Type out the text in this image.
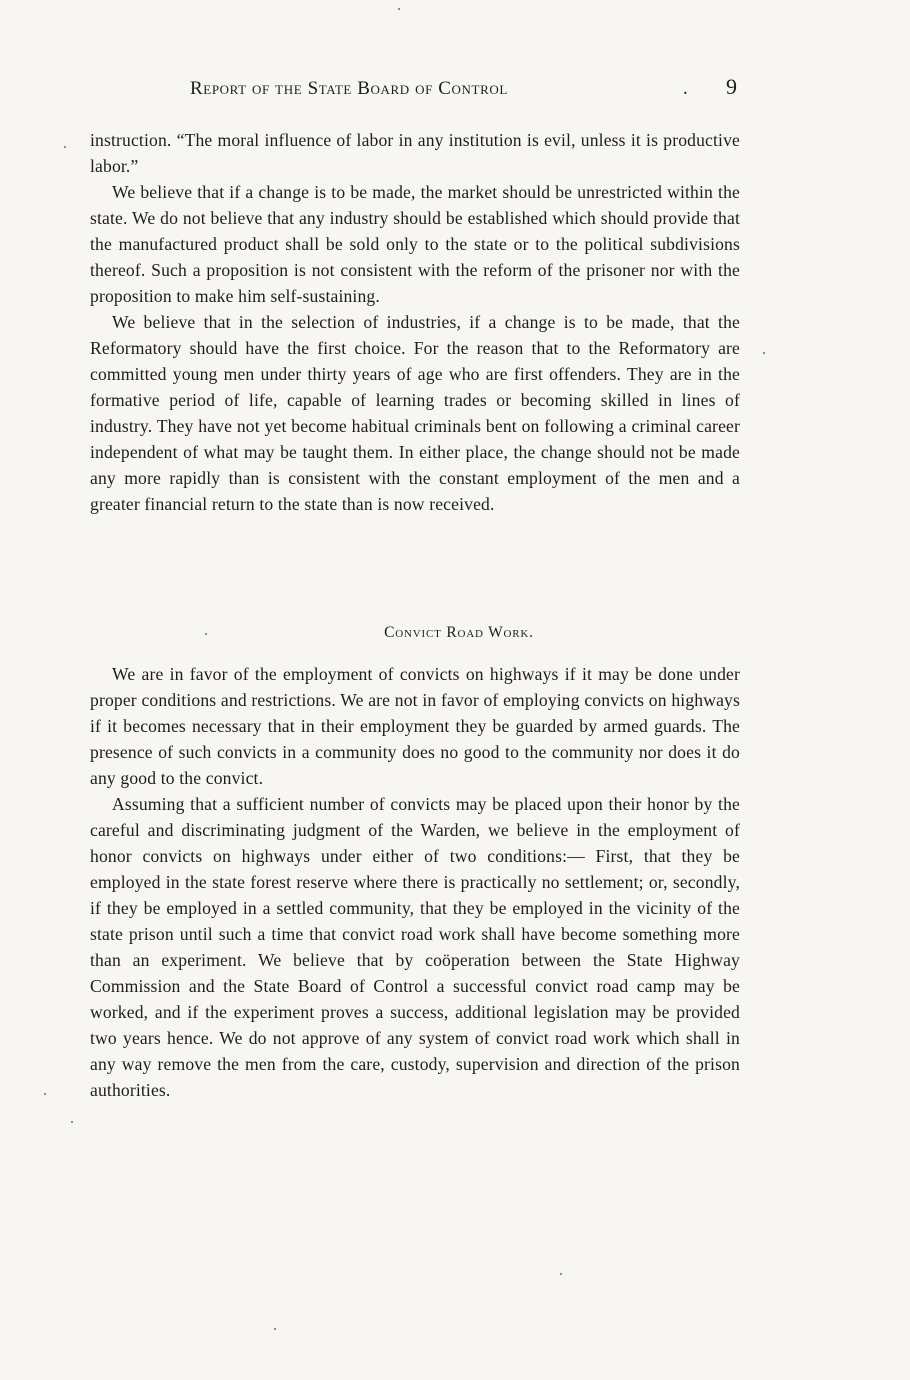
Report of the State Board of Control	. 9

instruction. “The moral influence of labor in any institution is evil, unless it is productive labor.”

We believe that if a change is to be made, the market should be unrestricted within the state. We do not believe that any industry should be established which should provide that the manufactured product shall be sold only to the state or to the political subdivisions thereof. Such a proposition is not consistent with the reform of the prisoner nor with the proposition to make him self-sustaining.

We believe that in the selection of industries, if a change is to be made, that the Reformatory should have the first choice. For the reason that to the Reformatory are committed young men under thirty years of age who are first offenders. They are in the formative period of life, capable of learning trades or becoming skilled in lines of industry. They have not yet become habitual criminals bent on following a criminal career independent of what may be taught them. In either place, the change should not be made any more rapidly than is consistent with the constant employment of the men and a greater financial return to the state than is now received.

Convict Road Work.

We are in favor of the employment of convicts on highways if it may be done under proper conditions and restrictions. We are not in favor of employing convicts on highways if it becomes necessary that in their employment they be guarded by armed guards. The presence of such convicts in a community does no good to the community nor does it do any good to the convict.

Assuming that a sufficient number of convicts may be placed upon their honor by the careful and discriminating judgment of the Warden, we believe in the employment of honor convicts on highways under either of two conditions:— First, that they be employed in the state forest reserve where there is practically no settlement; or, secondly, if they be employed in a settled community, that they be employed in the vicinity of the state prison until such a time that convict road work shall have become something more than an experiment. We believe that by coöperation between the State Highway Commission and the State Board of Control a successful convict road camp may be worked, and if the experiment proves a success, additional legislation may be provided two years hence. We do not approve of any system of convict road work which shall in any way remove the men from the care, custody, supervision and direction of the prison authorities.
